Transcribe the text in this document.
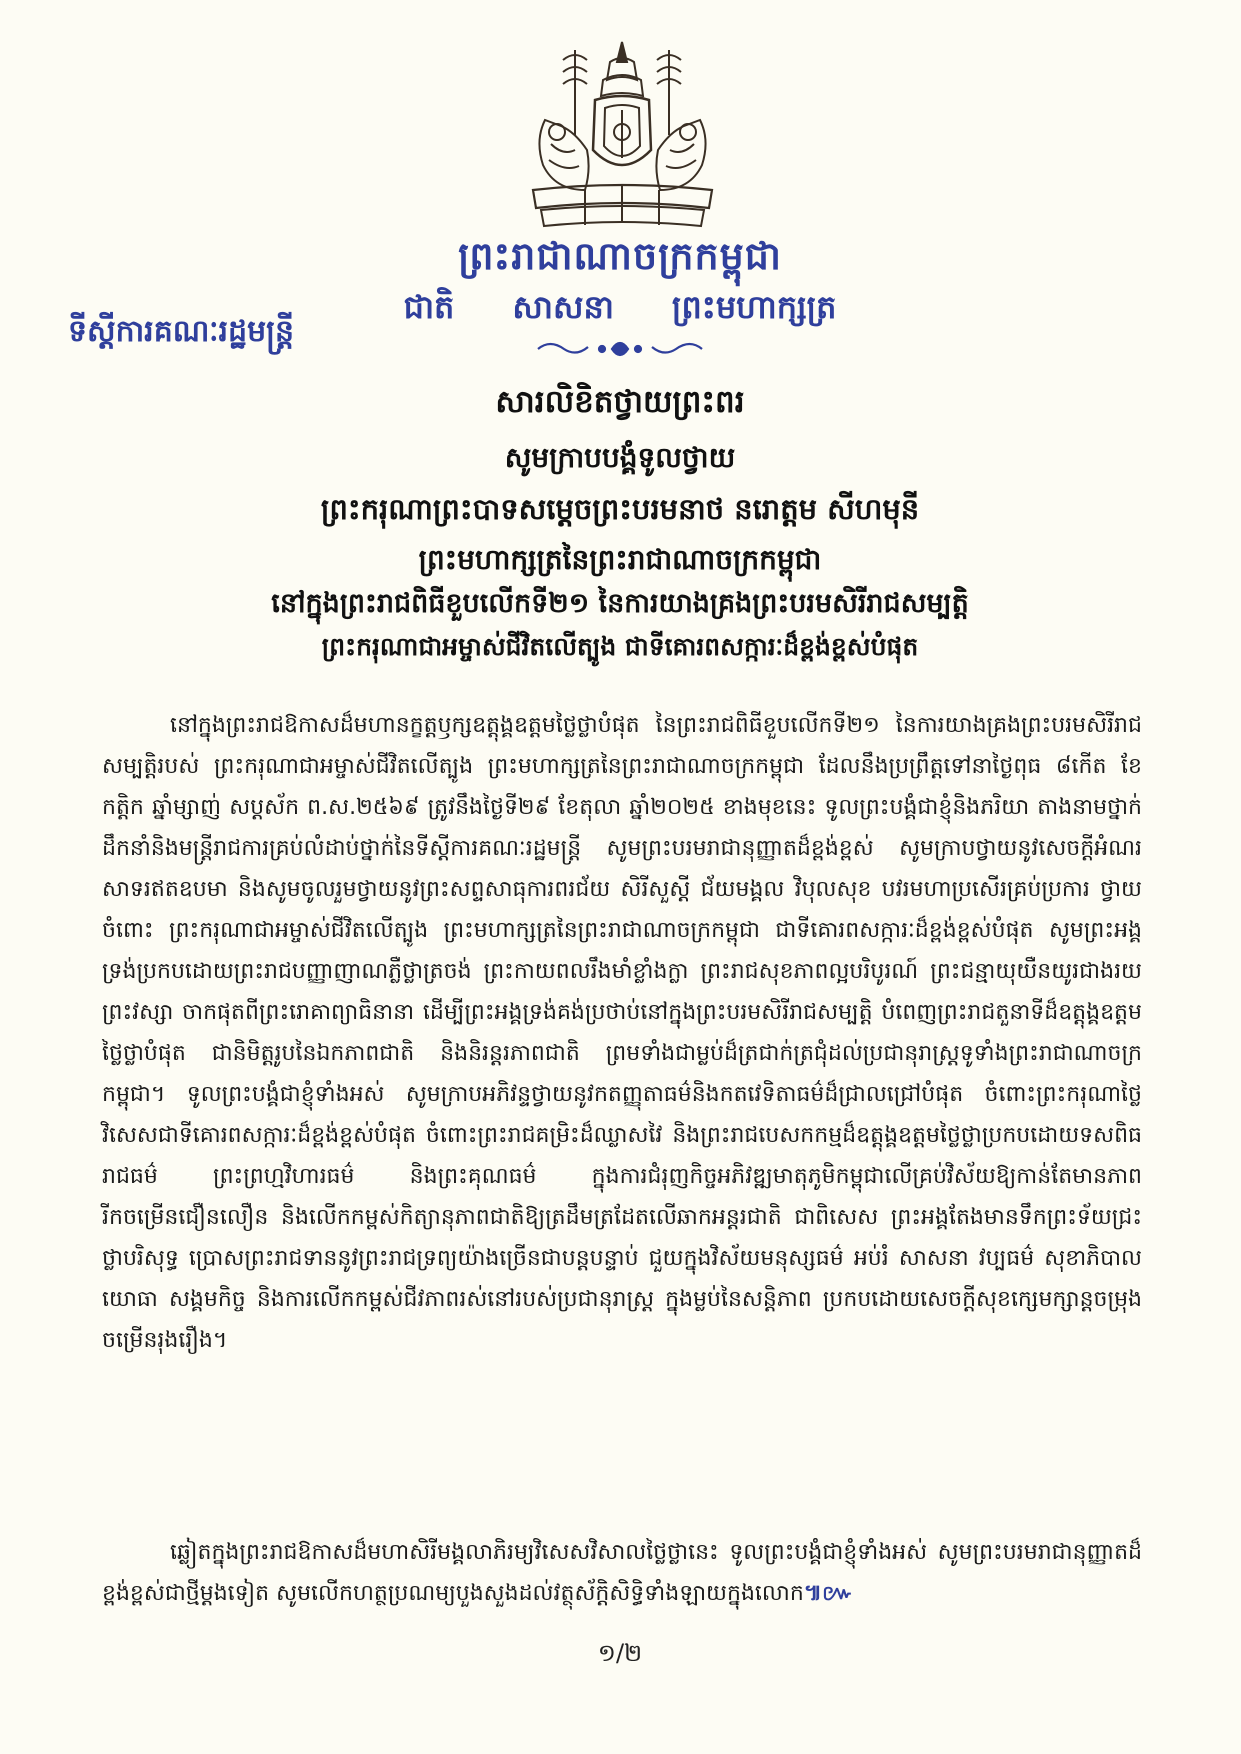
ព្រះរាជាណាចក្រកម្ពុជា
ជាតិ សាសនា ព្រះមហាក្សត្រ
ទីស្តីការគណៈរដ្ឋមន្ត្រី
សារលិខិតថ្វាយព្រះពរ
សូមក្រាបបង្គំទូលថ្វាយ
ព្រះករុណាព្រះបាទសម្តេចព្រះបរមនាថ នរោត្តម សីហមុនី
ព្រះមហាក្សត្រនៃព្រះរាជាណាចក្រកម្ពុជា
នៅក្នុងព្រះរាជពិធីខួបលើកទី២១ នៃការយាងគ្រងព្រះបរមសិរីរាជសម្បត្តិ
ព្រះករុណាជាអម្ចាស់ជីវិតលើត្បូង ជាទីគោរពសក្ការៈដ៏ខ្ពង់ខ្ពស់បំផុត

នៅក្នុងព្រះរាជឱកាសដ៏មហានក្ខត្តឫក្សឧត្តុង្គឧត្តមថ្លៃថ្លាបំផុត នៃព្រះរាជពិធីខួបលើកទី២១ នៃការយាងគ្រងព្រះបរមសិរីរាជសម្បត្តិរបស់ ព្រះករុណាជាអម្ចាស់ជីវិតលើត្បូង ព្រះមហាក្សត្រនៃព្រះរាជាណាចក្រកម្ពុជា ដែលនឹងប្រព្រឹត្តទៅនាថ្ងៃពុធ ៨កើត ខែកត្តិក ឆ្នាំម្សាញ់ សប្តស័ក ព.ស.២៥៦៩ ត្រូវនឹងថ្ងៃទី២៩ ខែតុលា ឆ្នាំ២០២៥ ខាងមុខនេះ ទូលព្រះបង្គំជាខ្ញុំនិងភរិយា តាងនាមថ្នាក់ដឹកនាំនិងមន្ត្រីរាជការគ្រប់លំដាប់ថ្នាក់នៃទីស្តីការគណៈរដ្ឋមន្ត្រី សូមព្រះបរមរាជានុញ្ញាតដ៏ខ្ពង់ខ្ពស់ សូមក្រាបថ្វាយនូវសេចក្តីអំណរសាទរឥតឧបមា និងសូមចូលរួមថ្វាយនូវព្រះសព្ទសាធុការពរជ័យ សិរីសួស្តី ជ័យមង្គល វិបុលសុខ បវរមហាប្រសើរគ្រប់ប្រការ ថ្វាយចំពោះ ព្រះករុណាជាអម្ចាស់ជីវិតលើត្បូង ព្រះមហាក្សត្រនៃព្រះរាជាណាចក្រកម្ពុជា ជាទីគោរពសក្ការៈដ៏ខ្ពង់ខ្ពស់បំផុត សូមព្រះអង្គទ្រង់ប្រកបដោយព្រះរាជបញ្ញាញាណភ្លឺថ្លាត្រចង់ ព្រះកាយពលរឹងមាំខ្លាំងក្លា ព្រះរាជសុខភាពល្អបរិបូរណ៍ ព្រះជន្មាយុយឺនយូរជាងរយព្រះវស្សា ចាកផុតពីព្រះរោគាព្យាធិនានា ដើម្បីព្រះអង្គទ្រង់គង់ប្រថាប់នៅក្នុងព្រះបរមសិរីរាជសម្បត្តិ បំពេញព្រះរាជតួនាទីដ៏ឧត្តុង្គឧត្តមថ្លៃថ្លាបំផុត ជានិមិត្តរូបនៃឯកភាពជាតិ និងនិរន្តរភាពជាតិ ព្រមទាំងជាម្លប់ដ៏ត្រជាក់ត្រជុំដល់ប្រជានុរាស្ត្រទូទាំងព្រះរាជាណាចក្រកម្ពុជា។ ទូលព្រះបង្គំជាខ្ញុំទាំងអស់ សូមក្រាបអភិវន្ទថ្វាយនូវកតញ្ញុតាធម៌និងកតវេទិតាធម៌ដ៏ជ្រាលជ្រៅបំផុត ចំពោះព្រះករុណាថ្លៃវិសេសជាទីគោរពសក្ការៈដ៏ខ្ពង់ខ្ពស់បំផុត ចំពោះព្រះរាជគម្រិះដ៏ឈ្លាសវៃ និងព្រះរាជបេសកកម្មដ៏ឧត្តុង្គឧត្តមថ្លៃថ្លាប្រកបដោយទសពិធរាជធម៌ ព្រះព្រហ្មវិហារធម៌ និងព្រះគុណធម៌ ក្នុងការជំរុញកិច្ចអភិវឌ្ឍមាតុភូមិកម្ពុជាលើគ្រប់វិស័យឱ្យកាន់តែមានភាពរីកចម្រើនជឿនលឿន និងលើកកម្ពស់កិត្យានុភាពជាតិឱ្យត្រដឹមត្រដែតលើឆាកអន្តរជាតិ ជាពិសេស ព្រះអង្គតែងមានទឹកព្រះទ័យជ្រះថ្លាបរិសុទ្ធ ប្រោសព្រះរាជទាននូវព្រះរាជទ្រព្យយ៉ាងច្រើនជាបន្តបន្ទាប់ ជួយក្នុងវិស័យមនុស្សធម៌ អប់រំ សាសនា វប្បធម៌ សុខាភិបាល យោធា សង្គមកិច្ច និងការលើកកម្ពស់ជីវភាពរស់នៅរបស់ប្រជានុរាស្ត្រ ក្នុងម្លប់នៃសន្តិភាព ប្រកបដោយសេចក្តីសុខក្សេមក្សាន្តចម្រុងចម្រើនរុងរឿង។

ឆ្លៀតក្នុងព្រះរាជឱកាសដ៏មហាសិរីមង្គលាភិរម្យវិសេសវិសាលថ្លៃថ្លានេះ ទូលព្រះបង្គំជាខ្ញុំទាំងអស់ សូមព្រះបរមរាជានុញ្ញាតដ៏ខ្ពង់ខ្ពស់ជាថ្មីម្តងទៀត សូមលើកហត្ថប្រណម្យបួងសួងដល់វត្ថុស័ក្តិសិទ្ធិទាំងឡាយក្នុងលោក៕៚

១/២
